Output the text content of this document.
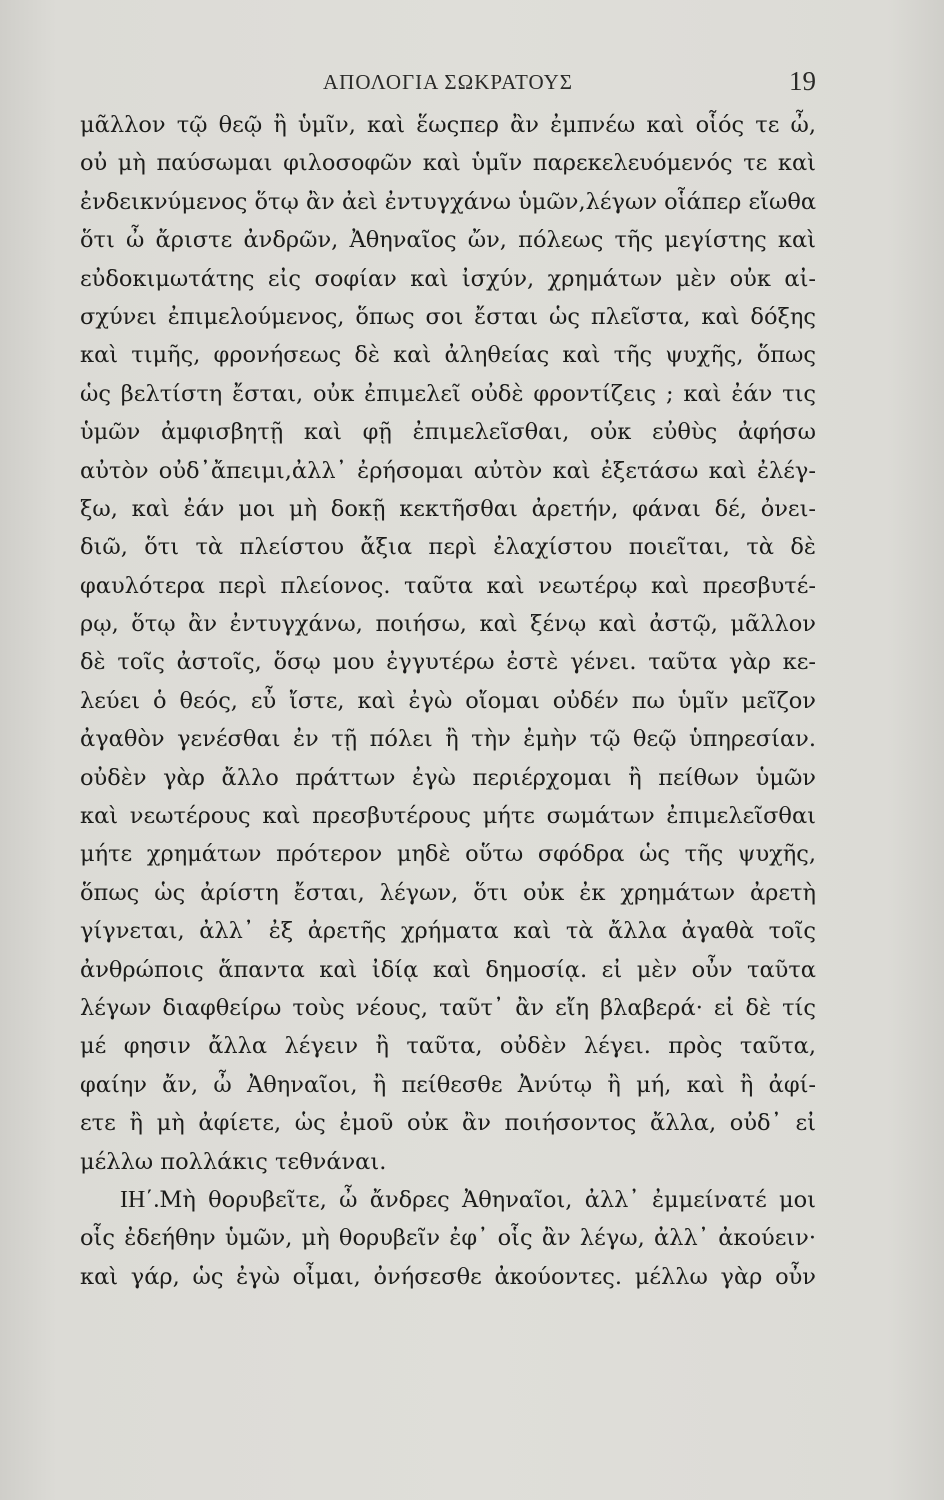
ΑΠΟΛΟΓΙΑ ΣΩΚΡΑΤΟΥΣ	19
μᾶλλον τῷ θεῷ ἢ ὑμῖν, καὶ ἕωςπερ ἂν ἐμπνέω καὶ οἷός τε ὦ,
οὐ μὴ παύσωμαι φιλοσοφῶν καὶ ὑμῖν παρεκελευόμενός τε καὶ
ἐνδεικνύμενος ὅτῳ ἂν ἀεὶ ἐντυγχάνω ὑμῶν,λέγων οἷάπερ εἴωθα
ὅτι ὦ ἄριστε ἀνδρῶν, Ἀθηναῖος ὤν, πόλεως τῆς μεγίστης καὶ
εὐδοκιμωτάτης εἰς σοφίαν καὶ ἰσχύν, χρημάτων μὲν οὐκ αἰ-
σχύνει ἐπιμελούμενος, ὅπως σοι ἔσται ὡς πλεῖστα, καὶ δόξης
καὶ τιμῆς, φρονήσεως δὲ καὶ ἀληθείας καὶ τῆς ψυχῆς, ὅπως
ὡς βελτίστη ἔσται, οὐκ ἐπιμελεῖ οὐδὲ φροντίζεις ; καὶ ἐάν τις
ὑμῶν ἀμφισβητῇ καὶ φῇ ἐπιμελεῖσθαι, οὐκ εὐθὺς ἀφήσω
αὐτὸν οὐδ᾽ἄπειμι,ἀλλ᾽ ἐρήσομαι αὐτὸν καὶ ἐξετάσω καὶ ἐλέγ-
ξω, καὶ ἐάν μοι μὴ δοκῇ κεκτῆσθαι ἀρετήν, φάναι δέ, ὀνει-
διῶ, ὅτι τὰ πλείστου ἄξια περὶ ἐλαχίστου ποιεῖται, τὰ δὲ
φαυλότερα περὶ πλείονος. ταῦτα καὶ νεωτέρῳ καὶ πρεσβυτέ-
ρῳ, ὅτῳ ἂν ἐντυγχάνω, ποιήσω, καὶ ξένῳ καὶ ἀστῷ, μᾶλλον
δὲ τοῖς ἀστοῖς, ὅσῳ μου ἐγγυτέρω ἐστὲ γένει. ταῦτα γὰρ κε-
λεύει ὁ θεός, εὖ ἴστε, καὶ ἐγὼ οἴομαι οὐδέν πω ὑμῖν μεῖζον
ἀγαθὸν γενέσθαι ἐν τῇ πόλει ἢ τὴν ἐμὴν τῷ θεῷ ὑπηρεσίαν.
οὐδὲν γὰρ ἄλλο πράττων ἐγὼ περιέρχομαι ἢ πείθων ὑμῶν
καὶ νεωτέρους καὶ πρεσβυτέρους μήτε σωμάτων ἐπιμελεῖσθαι
μήτε χρημάτων πρότερον μηδὲ οὕτω σφόδρα ὡς τῆς ψυχῆς,
ὅπως ὡς ἀρίστη ἔσται, λέγων, ὅτι οὐκ ἐκ χρημάτων ἀρετὴ
γίγνεται, ἀλλ᾽ ἐξ ἀρετῆς χρήματα καὶ τὰ ἄλλα ἀγαθὰ τοῖς
ἀνθρώποις ἅπαντα καὶ ἰδίᾳ καὶ δημοσίᾳ. εἰ μὲν οὖν ταῦτα
λέγων διαφθείρω τοὺς νέους, ταῦτ᾽ ἂν εἴη βλαβερά· εἰ δὲ τίς
μέ φησιν ἄλλα λέγειν ἢ ταῦτα, οὐδὲν λέγει. πρὸς ταῦτα,
φαίην ἄν, ὦ Ἀθηναῖοι, ἢ πείθεσθε Ἀνύτῳ ἢ μή, καὶ ἢ ἀφί-
ετε ἢ μὴ ἀφίετε, ὡς ἐμοῦ οὐκ ἂν ποιήσοντος ἄλλα, οὐδ᾽ εἰ
μέλλω πολλάκις τεθνάναι.
ΙΗ΄.Μὴ θορυβεῖτε, ὦ ἄνδρες Ἀθηναῖοι, ἀλλ᾽ ἐμμείνατέ μοι
οἷς ἐδεήθην ὑμῶν, μὴ θορυβεῖν ἐφ᾽ οἷς ἂν λέγω, ἀλλ᾽ ἀκούειν·
καὶ γάρ, ὡς ἐγὼ οἶμαι, ὀνήσεσθε ἀκούοντες. μέλλω γὰρ οὖν
